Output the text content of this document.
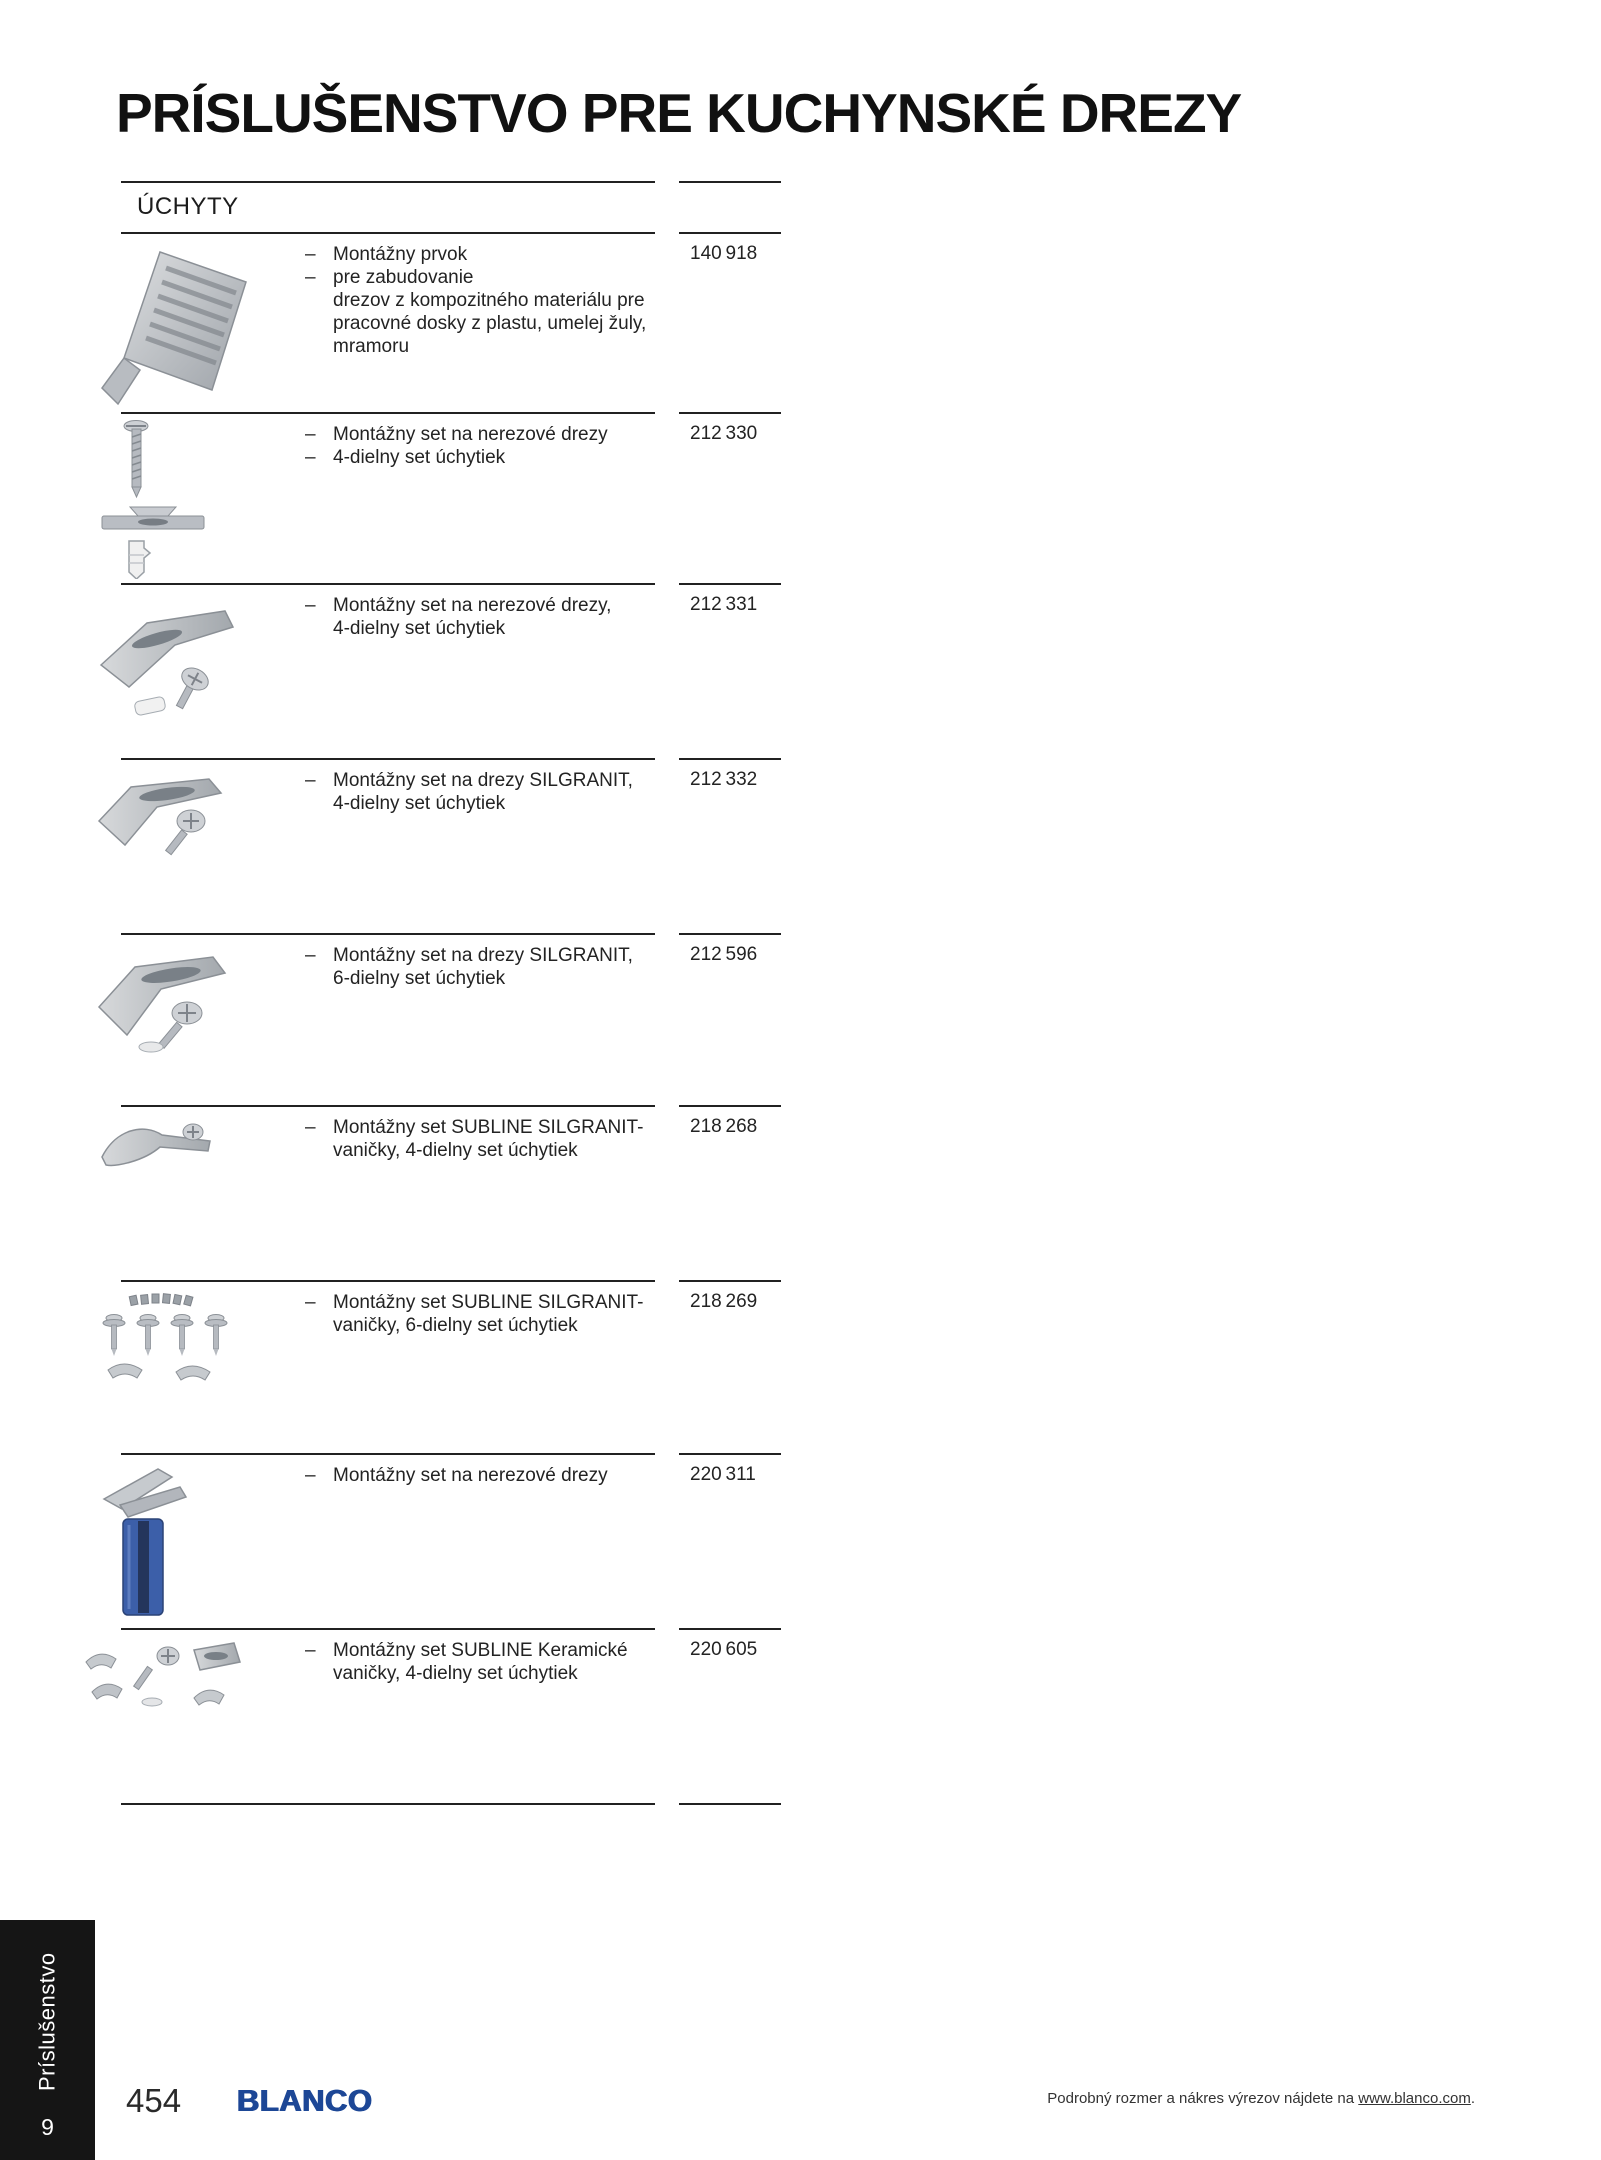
PRÍSLUŠENSTVO PRE KUCHYNSKÉ DREZY
ÚCHYTY
– Montážny prvok
– pre zabudovanie
drezov z kompozitného materiálu pre
pracovné dosky z plastu, umelej žuly,
mramoru
140 918
– Montážny set na nerezové drezy
– 4-dielny set úchytiek
212 330
– Montážny set na nerezové drezy,
4-dielny set úchytiek
212 331
– Montážny set na drezy SILGRANIT,
4-dielny set úchytiek
212 332
– Montážny set na drezy SILGRANIT,
6-dielny set úchytiek
212 596
– Montážny set SUBLINE SILGRANIT-
vaničky, 4-dielny set úchytiek
218 268
– Montážny set SUBLINE SILGRANIT-
vaničky, 6-dielny set úchytiek
218 269
– Montážny set na nerezové drezy	220 311
– Montážny set SUBLINE Keramické
vaničky, 4-dielny set úchytiek
220 605
Príslušenstvo
9
454 BLANCO	Podrobný rozmer a nákres výrezov nájdete na www.blanco.com.
